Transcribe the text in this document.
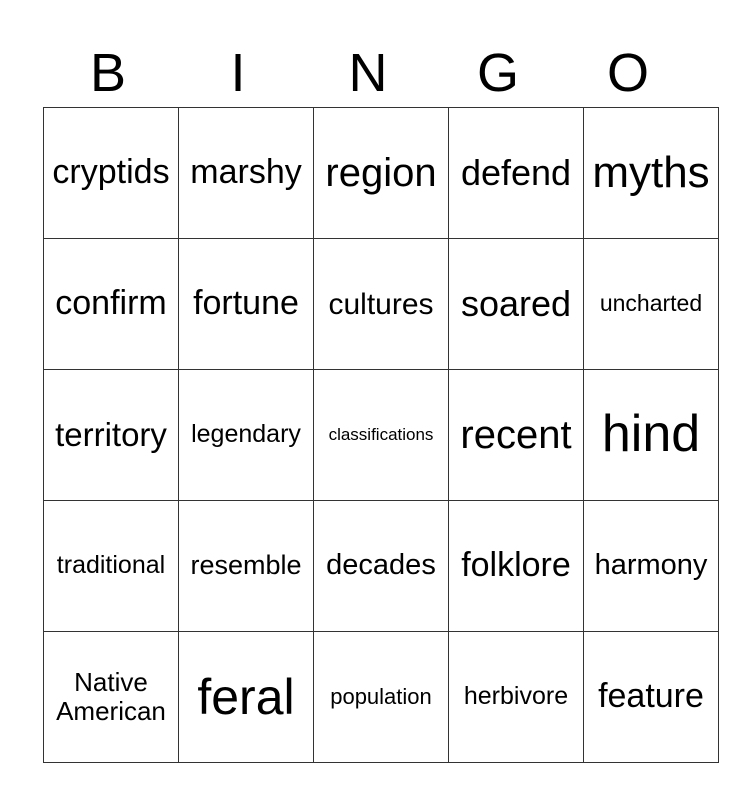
B	I	N	G	O
cryptids	marshy	region	defend	myths
confirm	fortune	cultures	soared	uncharted
territory	legendary	classifications	recent	hind
traditional	resemble	decades	folklore	harmony
Native American	feral	population	herbivore	feature
